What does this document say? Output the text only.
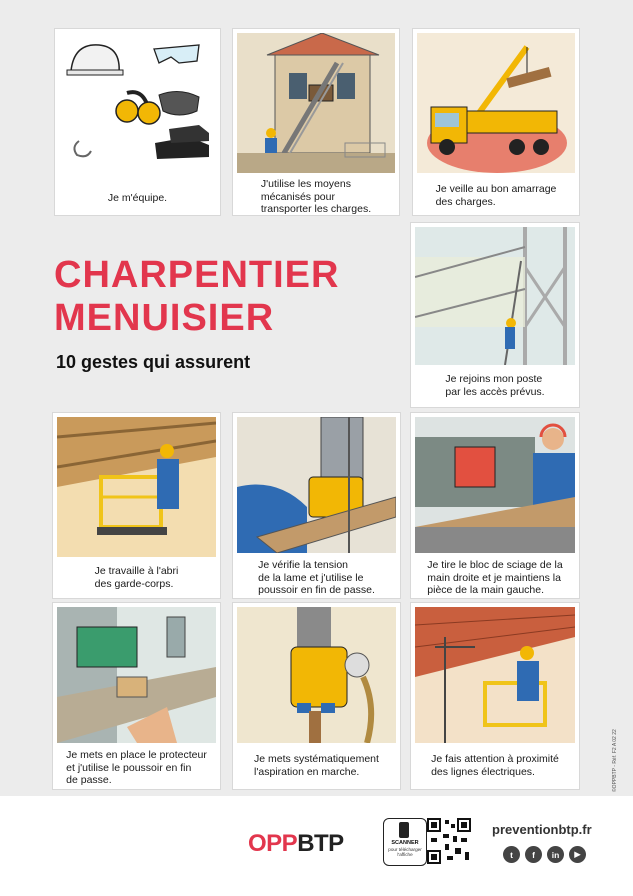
Je m'équipe.
J'utilise les moyens
mécanisés pour
transporter les charges.
Je veille au bon amarrage
des charges.
CHARPENTIER
MENUISIER
10 gestes qui assurent
Je rejoins mon poste
par les accès prévus.
Je travaille à l'abri
des garde-corps.
Je vérifie la tension
de la lame et j'utilise le
poussoir en fin de passe.
Je tire le bloc de sciage de la
main droite et je maintiens la
pièce de la main gauche.
Je mets en place le protecteur
et j'utilise le poussoir en fin
de passe.
Je mets systématiquement
l'aspiration en marche.
Je fais attention à proximité
des lignes électriques.	©OPPBTP - Réf. F2 A 02 22
OPPBTP	SCANNER
pour télécharger
l'affiche
preventionbtp.fr
t	f	in	▶
